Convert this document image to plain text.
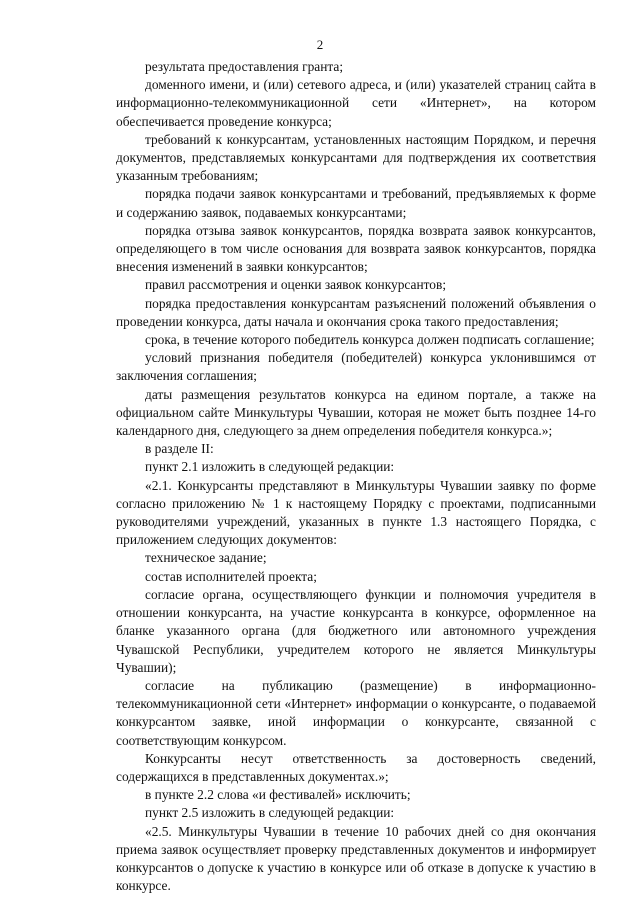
2

результата предоставления гранта;

доменного имени, и (или) сетевого адреса, и (или) указателей страниц сайта в информационно-телекоммуникационной сети «Интернет», на котором обеспечивается проведение конкурса;

требований к конкурсантам, установленных настоящим Порядком, и перечня документов, представляемых конкурсантами для подтверждения их соответствия указанным требованиям;

порядка подачи заявок конкурсантами и требований, предъявляемых к форме и содержанию заявок, подаваемых конкурсантами;

порядка отзыва заявок конкурсантов, порядка возврата заявок конкурсантов, определяющего в том числе основания для возврата заявок конкурсантов, порядка внесения изменений в заявки конкурсантов;

правил рассмотрения и оценки заявок конкурсантов;

порядка предоставления конкурсантам разъяснений положений объявления о проведении конкурса, даты начала и окончания срока такого предоставления;

срока, в течение которого победитель конкурса должен подписать соглашение;

условий признания победителя (победителей) конкурса уклонившимся от заключения соглашения;

даты размещения результатов конкурса на едином портале, а также на официальном сайте Минкультуры Чувашии, которая не может быть позднее 14-го календарного дня, следующего за днем определения победителя конкурса.»;

в разделе II:

пункт 2.1 изложить в следующей редакции:

«2.1. Конкурсанты представляют в Минкультуры Чувашии заявку по форме согласно приложению № 1 к настоящему Порядку с проектами, подписанными руководителями учреждений, указанных в пункте 1.3 настоящего Порядка, с приложением следующих документов:

техническое задание;

состав исполнителей проекта;

согласие органа, осуществляющего функции и полномочия учредителя в отношении конкурсанта, на участие конкурсанта в конкурсе, оформленное на бланке указанного органа (для бюджетного или автономного учреждения Чувашской Республики, учредителем которого не является Минкультуры Чувашии);

согласие на публикацию (размещение) в информационно-телекоммуникационной сети «Интернет» информации о конкурсанте, о подаваемой конкурсантом заявке, иной информации о конкурсанте, связанной с соответствующим конкурсом.

Конкурсанты несут ответственность за достоверность сведений, содержащихся в представленных документах.»;

в пункте 2.2 слова «и фестивалей» исключить;

пункт 2.5 изложить в следующей редакции:

«2.5. Минкультуры Чувашии в течение 10 рабочих дней со дня окончания приема заявок осуществляет проверку представленных документов и информирует конкурсантов о допуске к участию в конкурсе или об отказе в допуске к участию в конкурсе.
